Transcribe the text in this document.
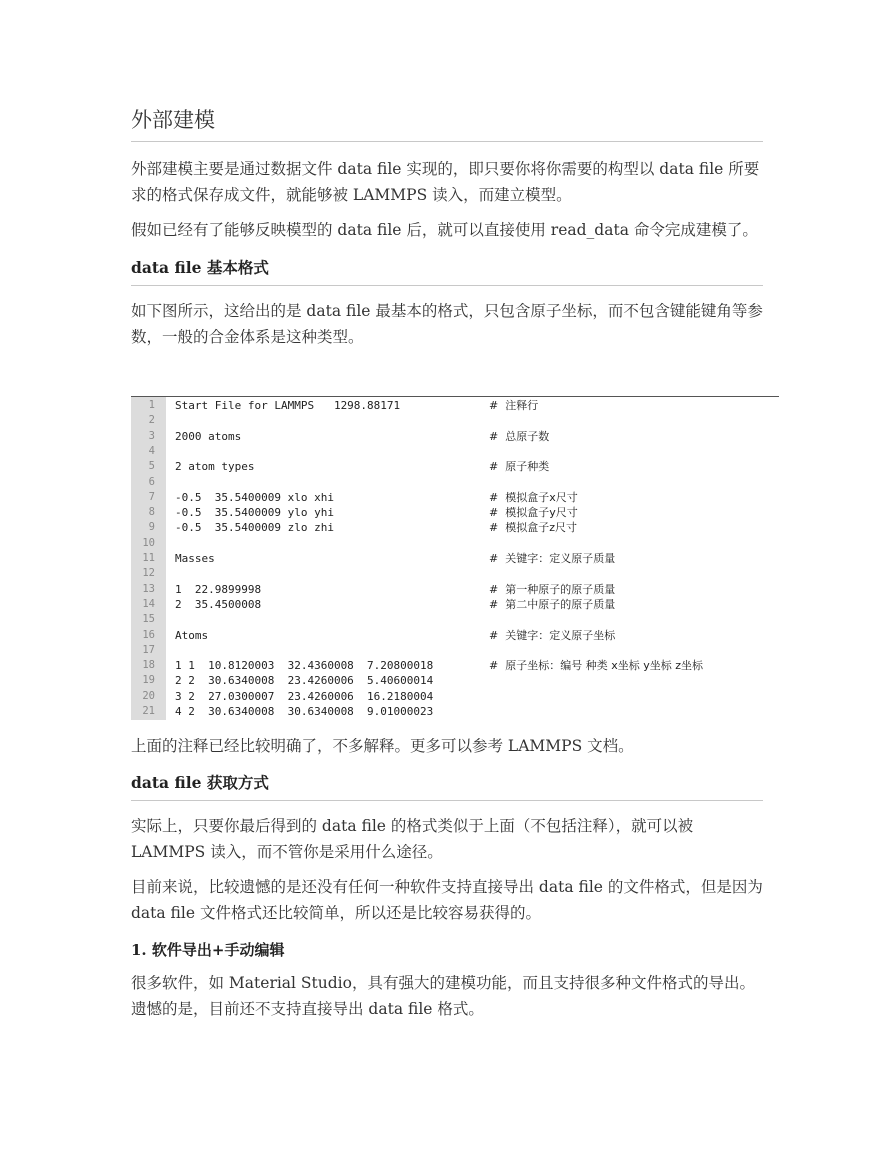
外部建模

外部建模主要是通过数据文件 data file 实现的，即只要你将你需要的构型以 data file 所要求的格式保存成文件，就能够被 LAMMPS 读入，而建立模型。

假如已经有了能够反映模型的 data file 后，就可以直接使用 read_data 命令完成建模了。

data file 基本格式

如下图所示，这给出的是 data file 最基本的格式，只包含原子坐标，而不包含键能键角等参数，一般的合金体系是这种类型。

1 Start File for LAMMPS   1298.88171	#  注释行
2
3 2000 atoms	#  总原子数
4
5 2 atom types	#  原子种类
6
7 -0.5  35.5400009 xlo xhi	#  模拟盒子x尺寸
8 -0.5  35.5400009 ylo yhi	#  模拟盒子y尺寸
9 -0.5  35.5400009 zlo zhi	#  模拟盒子z尺寸
10
11 Masses	#  关键字：定义原子质量
12
13 1  22.9899998	#  第一种原子的原子质量
14 2  35.4500008	#  第二中原子的原子质量
15
16 Atoms	#  关键字：定义原子坐标
17
18 1 1  10.8120003  32.4360008  7.20800018	#  原子坐标：编号 种类 x坐标 y坐标 z坐标
19 2 2  30.6340008  23.4260006  5.40600014
20 3 2  27.0300007  23.4260006  16.2180004
21 4 2  30.6340008  30.6340008  9.01000023

上面的注释已经比较明确了，不多解释。更多可以参考 LAMMPS 文档。

data file 获取方式

实际上，只要你最后得到的 data file 的格式类似于上面（不包括注释），就可以被 LAMMPS 读入，而不管你是采用什么途径。

目前来说，比较遗憾的是还没有任何一种软件支持直接导出 data file 的文件格式，但是因为 data file 文件格式还比较简单，所以还是比较容易获得的。

1. 软件导出+手动编辑

很多软件，如 Material Studio，具有强大的建模功能，而且支持很多种文件格式的导出。遗憾的是，目前还不支持直接导出 data file 格式。
